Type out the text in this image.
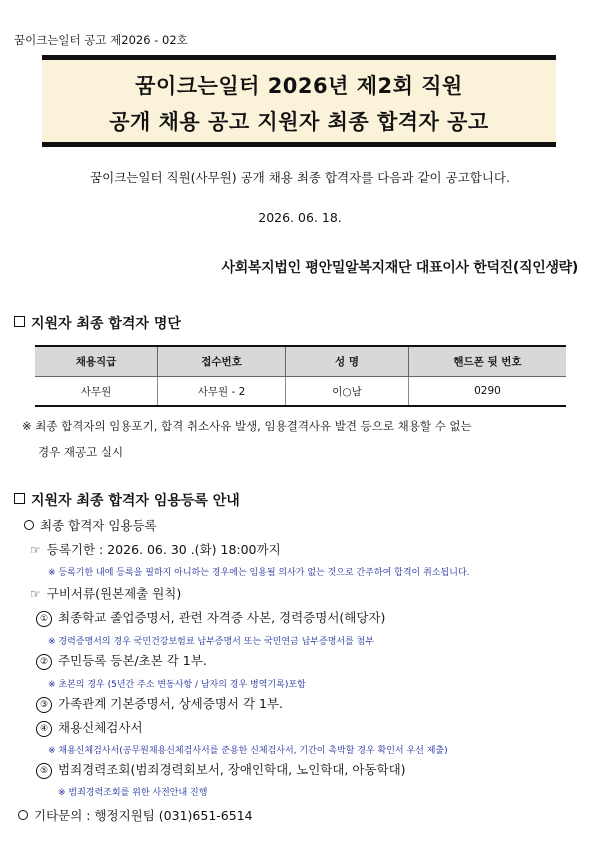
꿈이크는일터 공고 제2026 - 02호
꿈이크는일터 2026년 제2회 직원
공개 채용 공고 지원자 최종 합격자 공고
꿈이크는일터 직원(사무원) 공개 채용 최종 합격자를 다음과 같이 공고합니다.
2026. 06. 18.
사회복지법인 평안밀알복지재단 대표이사 한덕진(직인생략)
지원자 최종 합격자 명단
채용직급	접수번호	성 명	핸드폰 뒷 번호
사무원	사무원 - 2	이○남	0290
※ 최종 합격자의 임용포기, 합격 취소사유 발생, 임용결격사유 발견 등으로 채용할 수 없는
경우 재공고 실시
지원자 최종 합격자 임용등록 안내
최종 합격자 임용등록
☞ 등록기한 : 2026. 06. 30 .(화) 18:00까지
※ 등록기한 내에 등록을 필하지 아니하는 경우에는 임용될 의사가 없는 것으로 간주하여 합격이 취소됩니다.
☞ 구비서류(원본제출 원칙)
① 최종학교 졸업증명서, 관련 자격증 사본, 경력증명서(해당자)
※ 경력증명서의 경우 국민건강보험료 납부증명서 또는 국민연금 납부증명서를 첨부
② 주민등록 등본/초본 각 1부.
※ 초본의 경우 (5년간 주소 변동사항 / 남자의 경우 병역기록)포함
③ 가족관계 기본증명서, 상세증명서 각 1부.
④ 채용신체검사서
※ 채용신체검사서(공무원채용신체검사서를 준용한 신체검사서, 기간이 촉박할 경우 확인서 우선 제출)
⑤ 범죄경력조회(범죄경력회보서, 장애인학대, 노인학대, 아동학대)
※ 범죄경력조회를 위한 사전안내 진행
기타문의 : 행정지원팀 (031)651-6514
